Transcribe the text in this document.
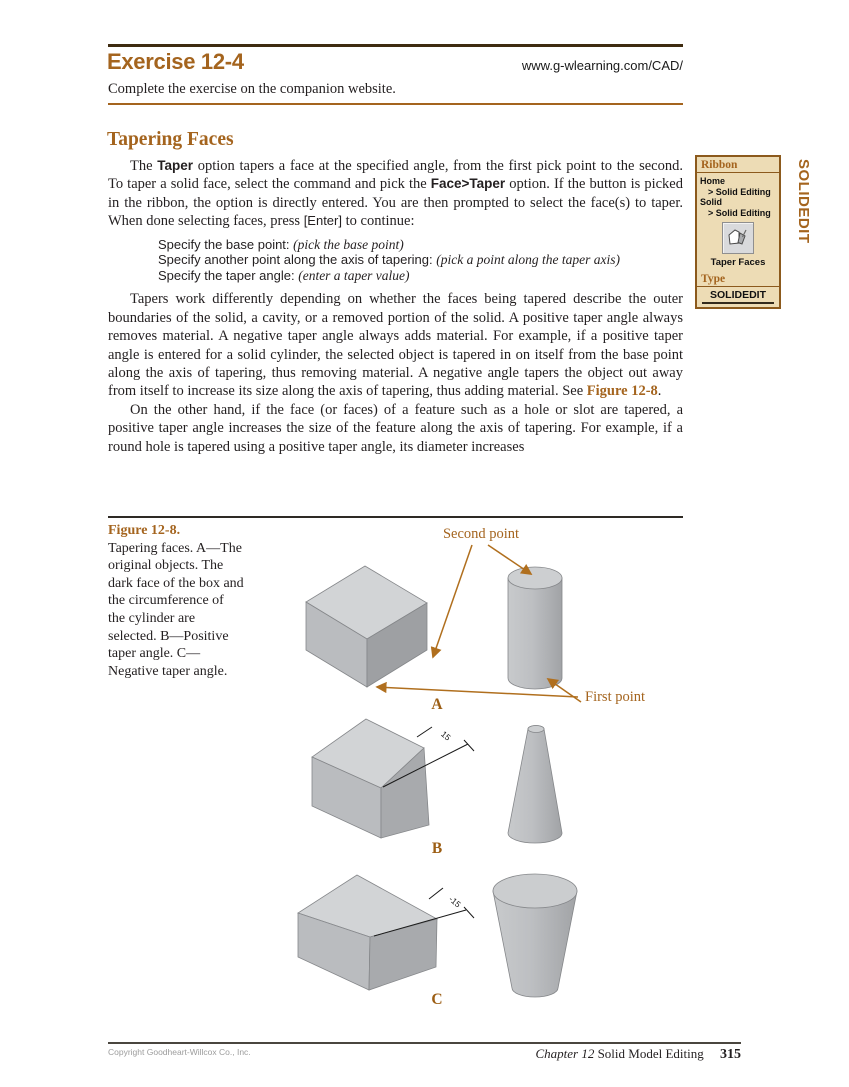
Exercise 12-4	www.g-wlearning.com/CAD/
Complete the exercise on the companion website.
Tapering Faces

The Taper option tapers a face at the specified angle, from the first pick point to the second. To taper a solid face, select the command and pick the Face>Taper option. If the button is picked in the ribbon, the option is directly entered. You are then prompted to select the face(s) to taper. When done selecting faces, press [Enter] to continue:

Specify the base point: (pick the base point)
Specify another point along the axis of tapering: (pick a point along the taper axis)
Specify the taper angle: (enter a taper value)

Tapers work differently depending on whether the faces being tapered describe the outer boundaries of the solid, a cavity, or a removed portion of the solid. A positive taper angle always removes material. A negative taper angle always adds material. For example, if a positive taper angle is entered for a solid cylinder, the selected object is tapered in on itself from the base point along the axis of tapering, thus removing material. A negative angle tapers the object out away from itself to increase its size along the axis of tapering, thus adding material. See Figure 12-8.

On the other hand, if the face (or faces) of a feature such as a hole or slot are tapered, a positive taper angle increases the size of the feature along the axis of tapering. For example, if a round hole is tapered using a positive taper angle, its diameter increases

Ribbon
Home
> Solid Editing
Solid
> Solid Editing
Taper Faces
Type
SOLIDEDIT
SOLIDEDIT
Figure 12-8.
Tapering faces. A—The original objects. The dark face of the box and the circumference of the cylinder are selected. B—Positive taper angle. C—Negative taper angle.
Second point
First point
A
15
B
-15
C
Copyright Goodheart-Willcox Co., Inc.	Chapter 12 Solid Model Editing 315
